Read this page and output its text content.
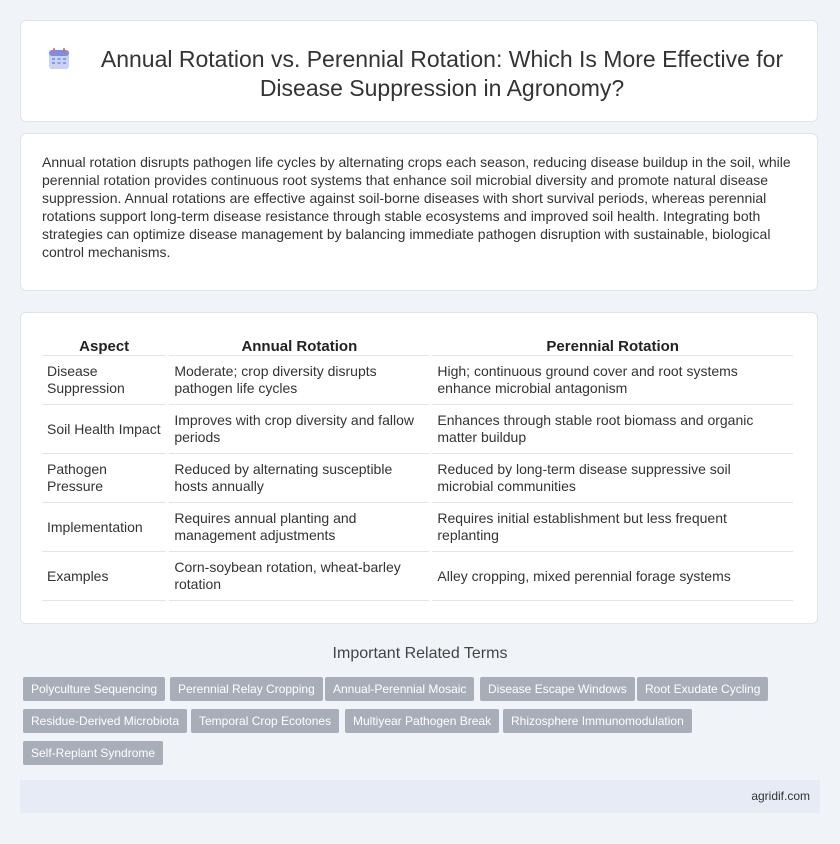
Annual Rotation vs. Perennial Rotation: Which Is More Effective for Disease Suppression in Agronomy?

Annual rotation disrupts pathogen life cycles by alternating crops each season, reducing disease buildup in the soil, while perennial rotation provides continuous root systems that enhance soil microbial diversity and promote natural disease suppression. Annual rotations are effective against soil-borne diseases with short survival periods, whereas perennial rotations support long-term disease resistance through stable ecosystems and improved soil health. Integrating both strategies can optimize disease management by balancing immediate pathogen disruption with sustainable, biological control mechanisms.

Aspect	Annual Rotation	Perennial Rotation
Disease Suppression	Moderate; crop diversity disrupts pathogen life cycles	High; continuous ground cover and root systems enhance microbial antagonism
Soil Health Impact	Improves with crop diversity and fallow periods	Enhances through stable root biomass and organic matter buildup
Pathogen Pressure	Reduced by alternating susceptible hosts annually	Reduced by long-term disease suppressive soil microbial communities
Implementation	Requires annual planting and management adjustments	Requires initial establishment but less frequent replanting
Examples	Corn-soybean rotation, wheat-barley rotation	Alley cropping, mixed perennial forage systems
Important Related Terms
Polyculture Sequencing	Perennial Relay Cropping	Annual-Perennial Mosaic	Disease Escape Windows	Root Exudate Cycling
Residue-Derived Microbiota	Temporal Crop Ecotones	Multiyear Pathogen Break	Rhizosphere Immunomodulation
Self-Replant Syndrome
agridif.com
